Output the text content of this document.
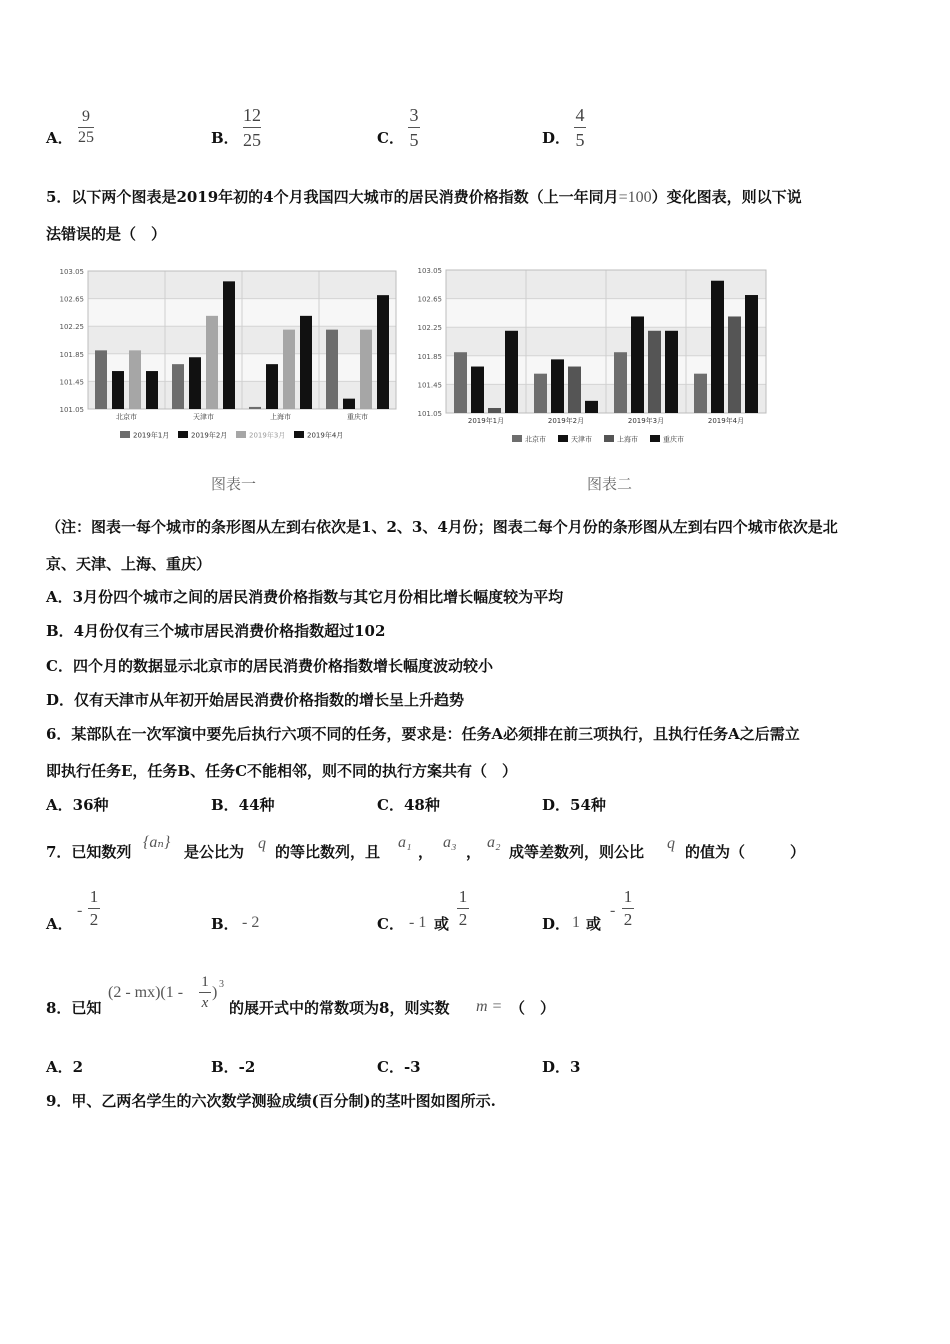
A．
9
25	B．
12
25	C．
3
5	D．
4
5
5．以下两个图表是2019年初的4个月我国四大城市的居民消费价格指数（上一年同月=100）变化图表，则以下说
法错误的是（　）
103.05
102.65
102.25
101.85
101.45
101.05
北京市	天津市	上海市	重庆市
2019年1月	2019年2月	2019年3月	2019年4月
103.05
102.65
102.25
101.85
101.45
101.05
2019年1月	2019年2月	2019年3月	2019年4月
北京市	天津市	上海市	重庆市
图表一	图表二
（注：图表一每个城市的条形图从左到右依次是1、2、3、4月份；图表二每个月份的条形图从左到右四个城市依次是北
京、天津、上海、重庆）
A．3月份四个城市之间的居民消费价格指数与其它月份相比增长幅度较为平均
B．4月份仅有三个城市居民消费价格指数超过102
C．四个月的数据显示北京市的居民消费价格指数增长幅度波动较小
D．仅有天津市从年初开始居民消费价格指数的增长呈上升趋势
6．某部队在一次军演中要先后执行六项不同的任务，要求是：任务A必须排在前三项执行，且执行任务A之后需立
即执行任务E，任务B、任务C不能相邻，则不同的执行方案共有（　）
A．36种	B．44种	C．48种	D．54种
7．已知数列
{aₙ}
是公比为 q 的等比数列，且
a₁
，
a₃
，
a₂
成等差数列，则公比 q 的值为（　　　）
A．
-
1
2	B． - 2	C． - 1 或
1
2	D． 1 或
-
1
2
8．已知
(2 - mx)(1 -
1
x
) 3
的展开式中的常数项为8，则实数 m = （　）
A．2	B．-2	C．-3	D．3
9．甲、乙两名学生的六次数学测验成绩(百分制)的茎叶图如图所示.
